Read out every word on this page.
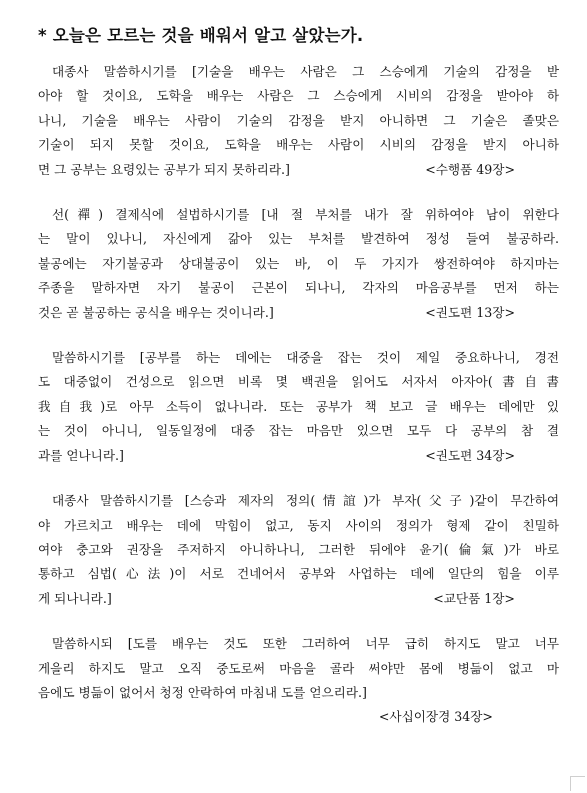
* 오늘은 모르는 것을 배워서 알고 살았는가.
대종사 말씀하시기를 [기술을 배우는 사람은 그 스승에게 기술의 감정을 받
아야 할 것이요, 도학을 배우는 사람은 그 스승에게 시비의 감정을 받아야 하
나니, 기술을 배우는 사람이 기술의 감정을 받지 아니하면 그 기술은 졸맞은
기술이 되지 못할 것이요, 도학을 배우는 사람이 시비의 감정을 받지 아니하
면 그 공부는 요령있는 공부가 되지 못하리라.]	<수행품 49장>
선(禪) 결제식에 설법하시기를 [내 절 부처를 내가 잘 위하여야 남이 위한다
는 말이 있나니, 자신에게 갊아 있는 부처를 발견하여 정성 들여 불공하라.
불공에는 자기불공과 상대불공이 있는 바, 이 두 가지가 쌍전하여야 하지마는
주종을 말하자면 자기 불공이 근본이 되나니, 각자의 마음공부를 먼저 하는
것은 곧 불공하는 공식을 배우는 것이니라.]	<권도편 13장>
말씀하시기를 [공부를 하는 데에는 대중을 잡는 것이 제일 중요하나니, 경전
도 대중없이 건성으로 읽으면 비록 몇 백권을 읽어도 서자서 아자아(書自書
我自我)로 아무 소득이 없나니라. 또는 공부가 책 보고 글 배우는 데에만 있
는 것이 아니니, 일동일정에 대중 잡는 마음만 있으면 모두 다 공부의 참 결
과를 얻나니라.]	<권도편 34장>
대종사 말씀하시기를 [스승과 제자의 정의(情誼)가 부자(父子)같이 무간하여
야 가르치고 배우는 데에 막힘이 없고, 동지 사이의 정의가 형제 같이 친밀하
여야 충고와 권장을 주저하지 아니하나니, 그러한 뒤에야 윤기(倫氣)가 바로
통하고 심법(心法)이 서로 건네어서 공부와 사업하는 데에 일단의 힘을 이루
게 되나니라.]	<교단품 1장>
말씀하시되 [도를 배우는 것도 또한 그러하여 너무 급히 하지도 말고 너무
게을리 하지도 말고 오직 중도로써 마음을 골라 써야만 몸에 병듦이 없고 마
음에도 병듦이 없어서 청정 안락하여 마침내 도를 얻으리라.]
<사십이장경 34장>
